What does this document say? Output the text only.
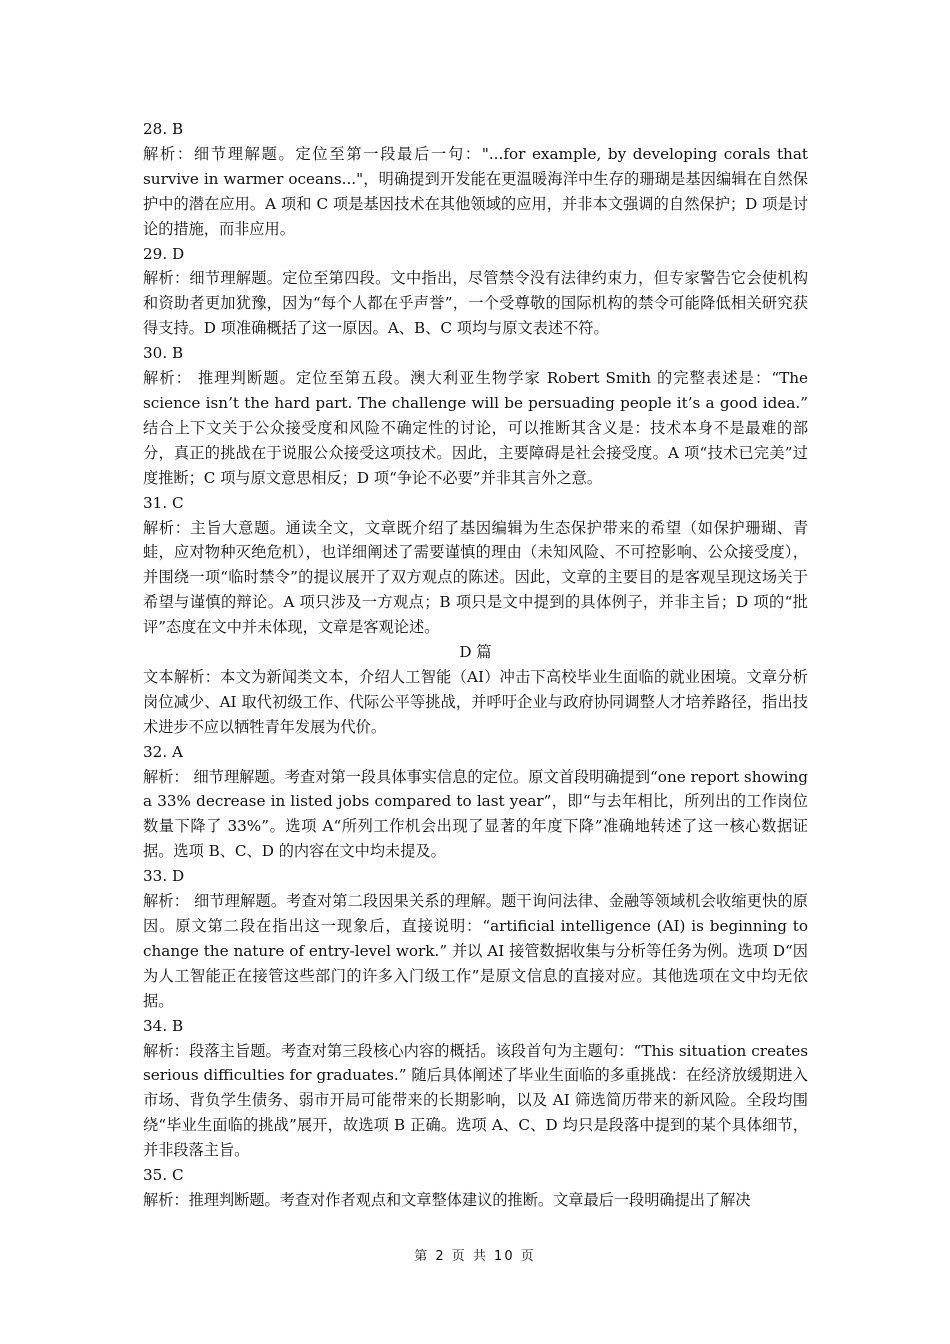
28. B

解析：细节理解题。定位至第一段最后一句："...for example, by developing corals that survive in warmer oceans..."，明确提到开发能在更温暖海洋中生存的珊瑚是基因编辑在自然保护中的潜在应用。A 项和 C 项是基因技术在其他领域的应用，并非本文强调的自然保护；D 项是讨论的措施，而非应用。

29. D

解析：细节理解题。定位至第四段。文中指出，尽管禁令没有法律约束力，但专家警告它会使机构和资助者更加犹豫，因为“每个人都在乎声誉”，一个受尊敬的国际机构的禁令可能降低相关研究获得支持。D 项准确概括了这一原因。A、B、C 项均与原文表述不符。

30. B

解析： 推理判断题。定位至第五段。澳大利亚生物学家 Robert Smith 的完整表述是：“The science isn’t the hard part. The challenge will be persuading people it’s a good idea.” 结合上下文关于公众接受度和风险不确定性的讨论，可以推断其含义是：技术本身不是最难的部分，真正的挑战在于说服公众接受这项技术。因此，主要障碍是社会接受度。A 项“技术已完美”过度推断；C 项与原文意思相反；D 项“争论不必要”并非其言外之意。

31. C

解析：主旨大意题。通读全文，文章既介绍了基因编辑为生态保护带来的希望（如保护珊瑚、青蛙，应对物种灭绝危机），也详细阐述了需要谨慎的理由（未知风险、不可控影响、公众接受度），并围绕一项“临时禁令”的提议展开了双方观点的陈述。因此，文章的主要目的是客观呈现这场关于希望与谨慎的辩论。A 项只涉及一方观点；B 项只是文中提到的具体例子，并非主旨；D 项的“批评”态度在文中并未体现，文章是客观论述。

D 篇

文本解析：本文为新闻类文本，介绍人工智能（AI）冲击下高校毕业生面临的就业困境。文章分析岗位减少、AI 取代初级工作、代际公平等挑战，并呼吁企业与政府协同调整人才培养路径，指出技术进步不应以牺牲青年发展为代价。

32. A

解析： 细节理解题。考查对第一段具体事实信息的定位。原文首段明确提到“one report showing a 33% decrease in listed jobs compared to last year”，即“与去年相比，所列出的工作岗位数量下降了 33%”。选项 A“所列工作机会出现了显著的年度下降”准确地转述了这一核心数据证据。选项 B、C、D 的内容在文中均未提及。

33. D

解析： 细节理解题。考查对第二段因果关系的理解。题干询问法律、金融等领域机会收缩更快的原因。原文第二段在指出这一现象后，直接说明：“artificial intelligence (AI) is beginning to change the nature of entry-level work.” 并以 AI 接管数据收集与分析等任务为例。选项 D“因为人工智能正在接管这些部门的许多入门级工作”是原文信息的直接对应。其他选项在文中均无依据。

34. B

解析：段落主旨题。考查对第三段核心内容的概括。该段首句为主题句：“This situation creates serious difficulties for graduates.” 随后具体阐述了毕业生面临的多重挑战：在经济放缓期进入市场、背负学生债务、弱市开局可能带来的长期影响，以及 AI 筛选简历带来的新风险。全段均围绕“毕业生面临的挑战”展开，故选项 B 正确。选项 A、C、D 均只是段落中提到的某个具体细节，并非段落主旨。

35. C

解析：推理判断题。考查对作者观点和文章整体建议的推断。文章最后一段明确提出了解决

第 2 页 共 10 页
